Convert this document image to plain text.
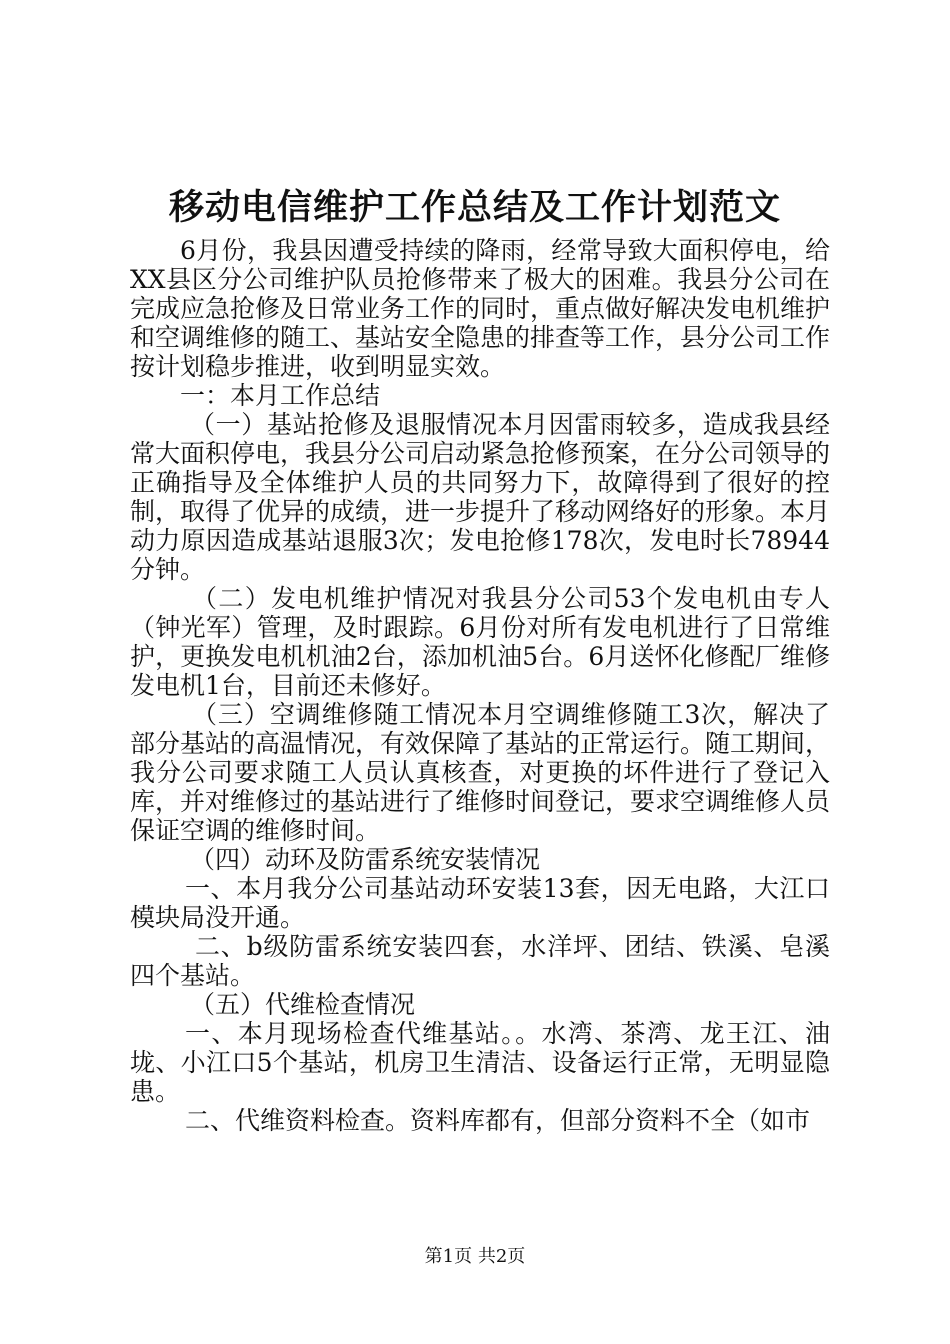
移动电信维护工作总结及工作计划范文

6月份，我县因遭受持续的降雨，经常导致大面积停电，给XX县区分公司维护队员抢修带来了极大的困难。我县分公司在完成应急抢修及日常业务工作的同时，重点做好解决发电机维护和空调维修的随工、基站安全隐患的排查等工作，县分公司工作按计划稳步推进，收到明显实效。

一：本月工作总结

（一）基站抢修及退服情况本月因雷雨较多，造成我县经常大面积停电，我县分公司启动紧急抢修预案，在分公司领导的正确指导及全体维护人员的共同努力下，故障得到了很好的控制，取得了优异的成绩，进一步提升了移动网络好的形象。本月动力原因造成基站退服3次；发电抢修178次，发电时长78944分钟。

（二）发电机维护情况对我县分公司53个发电机由专人（钟光军）管理，及时跟踪。6月份对所有发电机进行了日常维护，更换发电机机油2台，添加机油5台。6月送怀化修配厂维修发电机1台，目前还未修好。

（三）空调维修随工情况本月空调维修随工3次，解决了部分基站的高温情况，有效保障了基站的正常运行。随工期间，我分公司要求随工人员认真核查，对更换的坏件进行了登记入库，并对维修过的基站进行了维修时间登记，要求空调维修人员保证空调的维修时间。

（四）动环及防雷系统安装情况

一、本月我分公司基站动环安装13套，因无电路，大江口模块局没开通。

二、b级防雷系统安装四套，水洋坪、团结、铁溪、皂溪四个基站。

（五）代维检查情况

一、本月现场检查代维基站。。水湾、茶湾、龙王江、油垅、小江口5个基站，机房卫生清洁、设备运行正常，无明显隐患。

二、代维资料检查。资料库都有，但部分资料不全（如市

第1页 共2页
